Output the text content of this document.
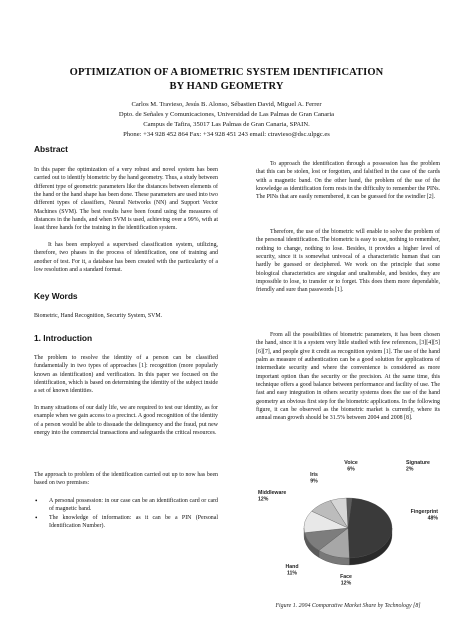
OPTIMIZATION OF A BIOMETRIC SYSTEM IDENTIFICATION
BY HAND GEOMETRY
Carlos M. Travieso, Jesús B. Alonso, Sébastien David, Miguel A. Ferrer
Dpto. de Señales y Comunicaciones, Universidad de Las Palmas de Gran Canaria
Campus de Tafira, 35017 Las Palmas de Gran Canaria, SPAIN.
Phone: +34 928 452 864 Fax: +34 928 451 243 email: ctravieso@dsc.ulpgc.es
Abstract

In this paper the optimization of a very robust and novel system has been carried out to identify biometric by the hand geometry. Thus, a study between different type of geometric parameters like the distances between elements of the hand or the hand shape has been done. These parameters are used into two different types of classifiers, Neural Networks (NN) and Support Vector Machines (SVM). The best results have been found using the measures of distances in the hands, and when SVM is used, achieving over a 99%, with at least three hands for the training in the identification system.

It has been employed a supervised classification system, utilizing, therefore, two phases in the process of identification, one of training and another of test. For it, a database has been created with the particularity of a low resolution and a standard format.

Key Words

Biometric, Hand Recognition, Security System, SVM.

1. Introduction

The problem to resolve the identity of a person can be classified fundamentally in two types of approaches [1]: recognition (more popularly known as identification) and verification. In this paper we focused on the identification, which is based on determining the identity of the subject inside a set of known identities.

In many situations of our daily life, we are required to test our identity, as for example when we gain access to a precinct. A good recognition of the identity of a person would be able to dissuade the delinquency and the fraud, put new energy into the commercial transactions and safeguards the critical resources.

The approach to problem of the identification carried out up to now has been based on two premises:

• A personal possession: in our case can be an identification card or card of magnetic band.
• The knowledge of information: as it can be a PIN (Personal Identification Number).

To approach the identification through a possession has the problem that this can be stolen, lost or forgotten, and falsified in the case of the cards with a magnetic band. On the other hand, the problem of the use of the knowledge as identification form rests in the difficulty to remember the PINs. The PINs that are easily remembered, it can be guessed for the swindler [2].

Therefore, the use of the biometric will enable to solve the problem of the personal identification. The biometric is easy to use, nothing to remember, nothing to change, nothing to lose. Besides, it provides a higher level of security, since it is somewhat univocal of a characteristic human that can hardly be guessed or deciphered. We work on the principle that some biological characteristics are singular and unalterable, and besides, they are impossible to lose, to transfer or to forget. This does them more dependable, friendly and sure than passwords [1].

From all the possibilities of biometric parameters, it has been chosen the hand, since it is a system very little studied with few references, [3][4][5][6][7], and people give it credit as recognition system [1]. The use of the hand palm as measure of authentication can be a good solution for applications of intermediate security and where the convenience is considered as more important option than the security or the precision. At the same time, this technique offers a good balance between performance and facility of use. The fast and easy integration in others security systems does the use of the hand geometry an obvious first step for the biometric applications. In the following figure, it can be observed as the biometric market is currently, where its annual mean growth should be 31.5% between 2004 and 2008 [8].

Signature
2%
Voice
6%
Iris
9%
Middleware
12%
Fingerprint
48%
Hand
11%
Face
12%
Figure 1. 2004 Comparative Market Share by Technology [8]
